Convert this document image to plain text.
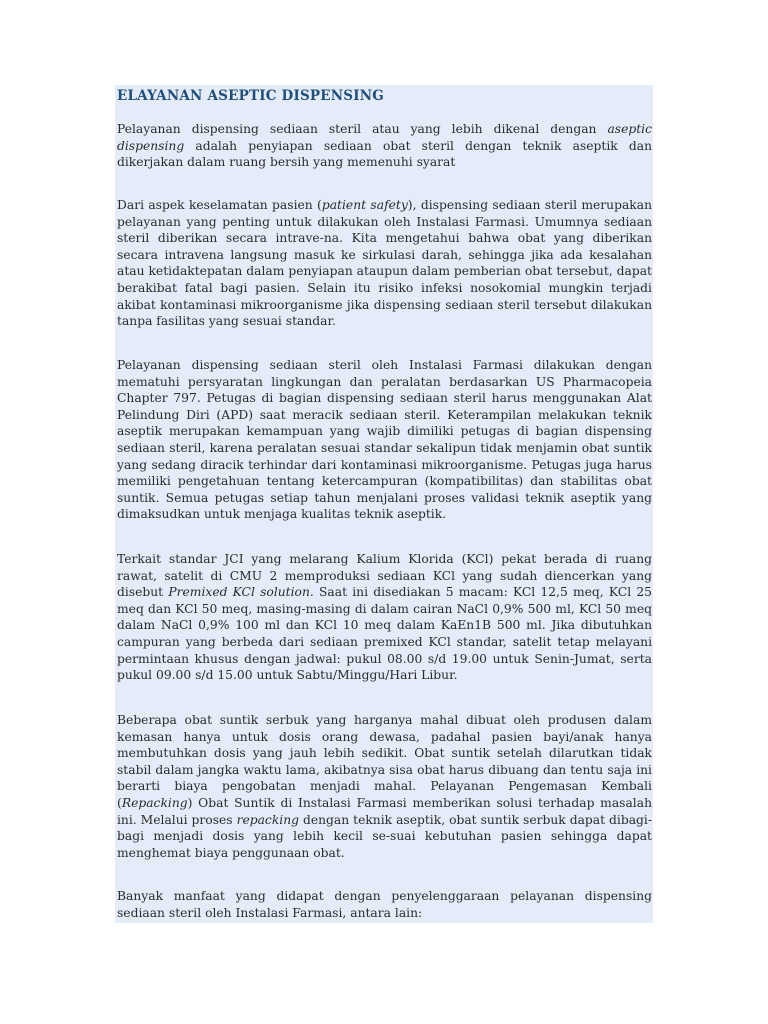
ELAYANAN ASEPTIC DISPENSING

Pelayanan dispensing sediaan steril atau yang lebih dikenal dengan aseptic dispensing adalah penyiapan sediaan obat steril dengan teknik aseptik dan dikerjakan dalam ruang bersih yang memenuhi syarat

Dari aspek keselamatan pasien (patient safety), dispensing sediaan steril merupakan pelayanan yang penting untuk dilakukan oleh Instalasi Farmasi. Umumnya sediaan steril diberikan secara intrave-na. Kita mengetahui bahwa obat yang diberikan secara intravena langsung masuk ke sirkulasi darah, sehingga jika ada kesalahan atau ketidaktepatan dalam penyiapan ataupun dalam pemberian obat tersebut, dapat berakibat fatal bagi pasien. Selain itu risiko infeksi nosokomial mungkin terjadi akibat kontaminasi mikroorganisme jika dispensing sediaan steril tersebut dilakukan tanpa fasilitas yang sesuai standar.

Pelayanan dispensing sediaan steril oleh Instalasi Farmasi dilakukan dengan mematuhi persyaratan lingkungan dan peralatan berdasarkan US Pharmacopeia Chapter 797. Petugas di bagian dispensing sediaan steril harus menggunakan Alat Pelindung Diri (APD) saat meracik sediaan steril. Keterampilan melakukan teknik aseptik merupakan kemampuan yang wajib dimiliki petugas di bagian dispensing sediaan steril, karena peralatan sesuai standar sekalipun tidak menjamin obat suntik yang sedang diracik terhindar dari kontaminasi mikroorganisme. Petugas juga harus memiliki pengetahuan tentang ketercampuran (kompatibilitas) dan stabilitas obat suntik. Semua petugas setiap tahun menjalani proses validasi teknik aseptik yang dimaksudkan untuk menjaga kualitas teknik aseptik.

Terkait standar JCI yang melarang Kalium Klorida (KCl) pekat berada di ruang rawat, satelit di CMU 2 memproduksi sediaan KCl yang sudah diencerkan yang disebut Premixed KCl solution. Saat ini disediakan 5 macam: KCl 12,5 meq, KCl 25 meq dan KCl 50 meq, masing-masing di dalam cairan NaCl 0,9% 500 ml, KCl 50 meq dalam NaCl 0,9% 100 ml dan KCl 10 meq dalam KaEn1B 500 ml. Jika dibutuhkan campuran yang berbeda dari sediaan premixed KCl standar, satelit tetap melayani permintaan khusus dengan jadwal: pukul 08.00 s/d 19.00 untuk Senin-Jumat, serta pukul 09.00 s/d 15.00 untuk Sabtu/Minggu/Hari Libur.

Beberapa obat suntik serbuk yang harganya mahal dibuat oleh produsen dalam kemasan hanya untuk dosis orang dewasa, padahal pasien bayi/anak hanya membutuhkan dosis yang jauh lebih sedikit. Obat suntik setelah dilarutkan tidak stabil dalam jangka waktu lama, akibatnya sisa obat harus dibuang dan tentu saja ini berarti biaya pengobatan menjadi mahal. Pelayanan Pengemasan Kembali (Repacking) Obat Suntik di Instalasi Farmasi memberikan solusi terhadap masalah ini. Melalui proses repacking dengan teknik aseptik, obat suntik serbuk dapat dibagi-bagi menjadi dosis yang lebih kecil se-suai kebutuhan pasien sehingga dapat menghemat biaya penggunaan obat.

Banyak manfaat yang didapat dengan penyelenggaraan pelayanan dispensing sediaan steril oleh Instalasi Farmasi, antara lain:
